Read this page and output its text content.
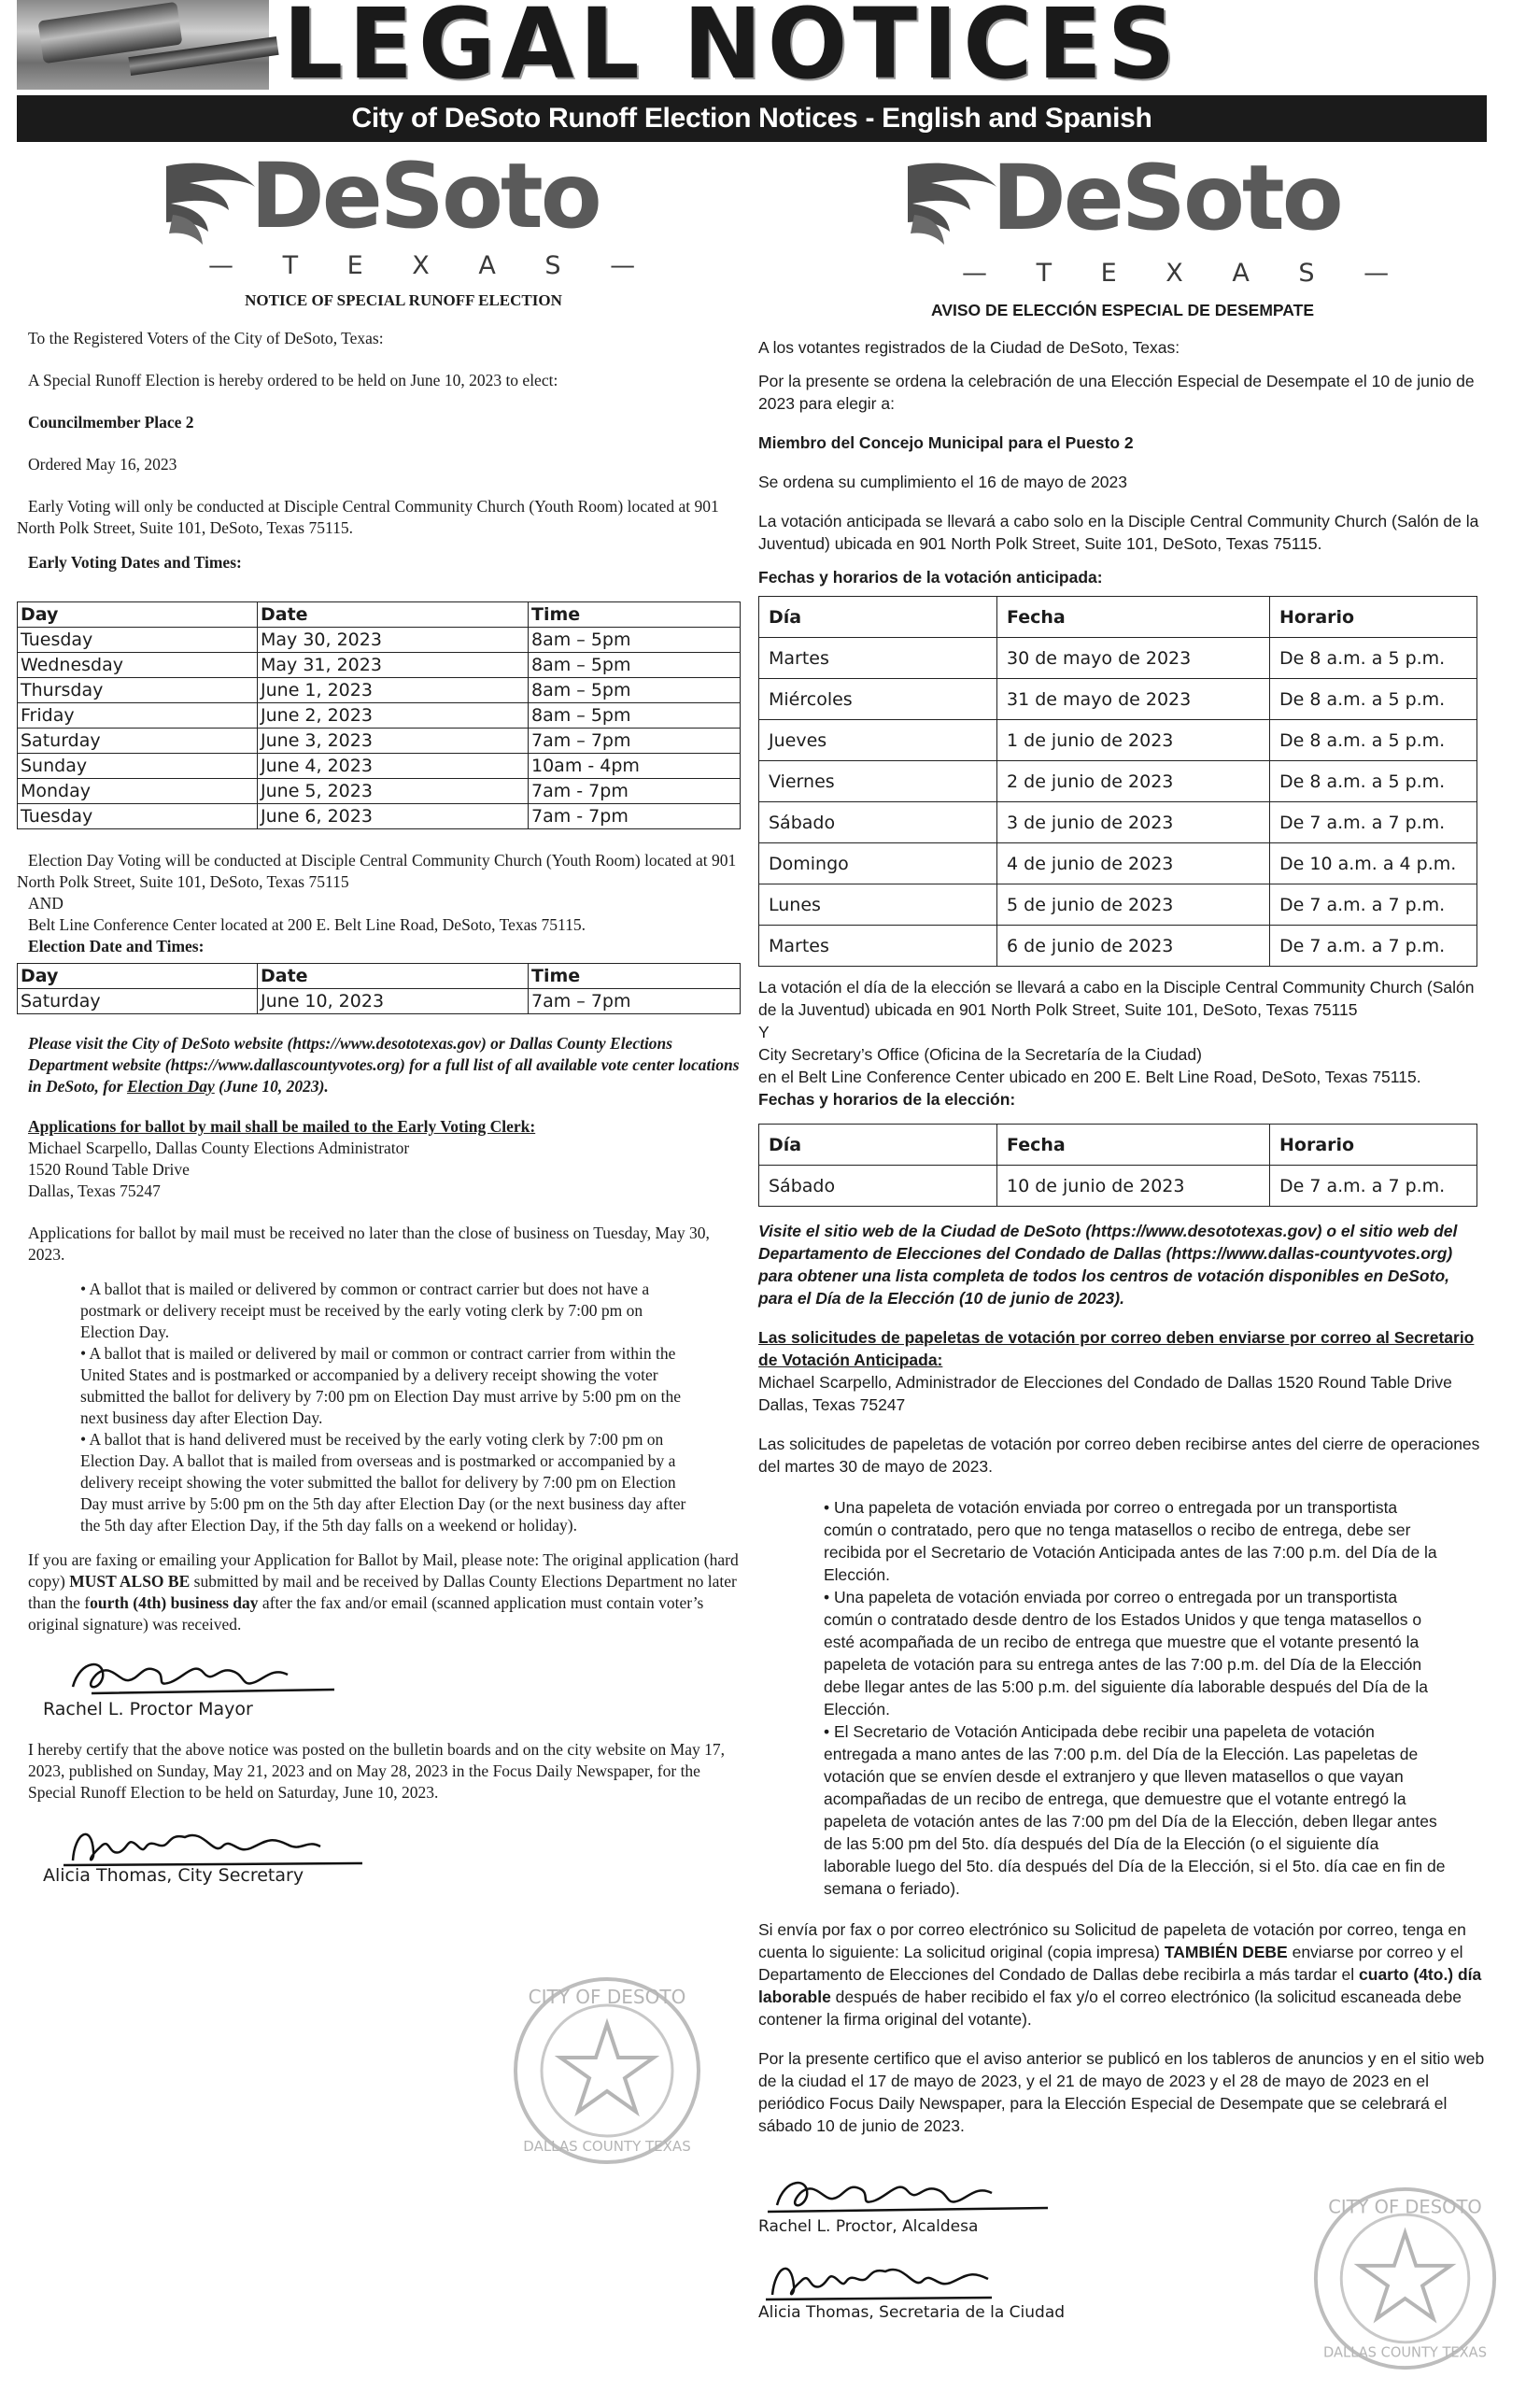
LEGAL NOTICES
City of DeSoto Runoff Election Notices - English and Spanish
DeSoto
— T E X A S —
NOTICE OF SPECIAL RUNOFF ELECTION
To the Registered Voters of the City of DeSoto, Texas:
A Special Runoff Election is hereby ordered to be held on June 10, 2023 to elect:
Councilmember Place 2
Ordered May 16, 2023
Early Voting will only be conducted at Disciple Central Community Church (Youth Room) located at 901 North Polk Street, Suite 101, DeSoto, Texas 75115.
Early Voting Dates and Times:
Day	Date	Time
Tuesday	May 30, 2023	8am – 5pm
Wednesday	May 31, 2023	8am – 5pm
Thursday	June 1, 2023	8am – 5pm
Friday	June 2, 2023	8am – 5pm
Saturday	June 3, 2023	7am – 7pm
Sunday	June 4, 2023	10am - 4pm
Monday	June 5, 2023	7am - 7pm
Tuesday	June 6, 2023	7am - 7pm
Election Day Voting will be conducted at Disciple Central Community Church (Youth Room) located at 901 North Polk Street, Suite 101, DeSoto, Texas 75115
AND
Belt Line Conference Center located at 200 E. Belt Line Road, DeSoto, Texas 75115.
Election Date and Times:
Day	Date	Time
Saturday	June 10, 2023	7am – 7pm
Please visit the City of DeSoto website (https://www.desototexas.gov) or Dallas County Elections Department website (https://www.dallascountyvotes.org) for a full list of all available vote center locations in DeSoto, for Election Day (June 10, 2023).
Applications for ballot by mail shall be mailed to the Early Voting Clerk:
Michael Scarpello, Dallas County Elections Administrator
1520 Round Table Drive
Dallas, Texas 75247
Applications for ballot by mail must be received no later than the close of business on Tuesday, May 30, 2023.
• A ballot that is mailed or delivered by common or contract carrier but does not have a postmark or delivery receipt must be received by the early voting clerk by 7:00 pm on Election Day.
• A ballot that is mailed or delivered by mail or common or contract carrier from within the United States and is postmarked or accompanied by a delivery receipt showing the voter submitted the ballot for delivery by 7:00 pm on Election Day must arrive by 5:00 pm on the next business day after Election Day.
• A ballot that is hand delivered must be received by the early voting clerk by 7:00 pm on Election Day. A ballot that is mailed from overseas and is postmarked or accompanied by a delivery receipt showing the voter submitted the ballot for delivery by 7:00 pm on Election Day must arrive by 5:00 pm on the 5th day after Election Day (or the next business day after the 5th day after Election Day, if the 5th day falls on a weekend or holiday).
If you are faxing or emailing your Application for Ballot by Mail, please note: The original application (hard copy) MUST ALSO BE submitted by mail and be received by Dallas County Elections Department no later than the fourth (4th) business day after the fax and/or email (scanned application must contain voter’s original signature) was received.
Rachel L. Proctor Mayor
I hereby certify that the above notice was posted on the bulletin boards and on the city website on May 17, 2023, published on Sunday, May 21, 2023 and on May 28, 2023 in the Focus Daily Newspaper, for the Special Runoff Election to be held on Saturday, June 10, 2023.
Alicia Thomas, City Secretary
CITY OF DESOTO
DALLAS COUNTY TEXAS
DeSoto
— T E X A S —
AVISO DE ELECCIÓN ESPECIAL DE DESEMPATE
A los votantes registrados de la Ciudad de DeSoto, Texas:
Por la presente se ordena la celebración de una Elección Especial de Desempate el 10 de junio de 2023 para elegir a:
Miembro del Concejo Municipal para el Puesto 2
Se ordena su cumplimiento el 16 de mayo de 2023
La votación anticipada se llevará a cabo solo en la Disciple Central Community Church (Salón de la Juventud) ubicada en 901 North Polk Street, Suite 101, DeSoto, Texas 75115.
Fechas y horarios de la votación anticipada:
Día	Fecha	Horario
Martes	30 de mayo de 2023	De 8 a.m. a 5 p.m.
Miércoles	31 de mayo de 2023	De 8 a.m. a 5 p.m.
Jueves	1 de junio de 2023	De 8 a.m. a 5 p.m.
Viernes	2 de junio de 2023	De 8 a.m. a 5 p.m.
Sábado	3 de junio de 2023	De 7 a.m. a 7 p.m.
Domingo	4 de junio de 2023	De 10 a.m. a 4 p.m.
Lunes	5 de junio de 2023	De 7 a.m. a 7 p.m.
Martes	6 de junio de 2023	De 7 a.m. a 7 p.m.
La votación el día de la elección se llevará a cabo en la Disciple Central Community Church (Salón de la Juventud) ubicada en 901 North Polk Street, Suite 101, DeSoto, Texas 75115
Y
City Secretary’s Office (Oficina de la Secretaría de la Ciudad)
en el Belt Line Conference Center ubicado en 200 E. Belt Line Road, DeSoto, Texas 75115.
Fechas y horarios de la elección:
Día	Fecha	Horario
Sábado	10 de junio de 2023	De 7 a.m. a 7 p.m.
Visite el sitio web de la Ciudad de DeSoto (https://www.desototexas.gov) o el sitio web del Departamento de Elecciones del Condado de Dallas (https://www.dallas-countyvotes.org) para obtener una lista completa de todos los centros de votación disponibles en DeSoto, para el Día de la Elección (10 de junio de 2023).
Las solicitudes de papeletas de votación por correo deben enviarse por correo al Secretario de Votación Anticipada:
Michael Scarpello, Administrador de Elecciones del Condado de Dallas 1520 Round Table Drive
Dallas, Texas 75247
Las solicitudes de papeletas de votación por correo deben recibirse antes del cierre de operaciones del martes 30 de mayo de 2023.
• Una papeleta de votación enviada por correo o entregada por un transportista común o contratado, pero que no tenga matasellos o recibo de entrega, debe ser recibida por el Secretario de Votación Anticipada antes de las 7:00 p.m. del Día de la Elección.
• Una papeleta de votación enviada por correo o entregada por un transportista común o contratado desde dentro de los Estados Unidos y que tenga matasellos o esté acompañada de un recibo de entrega que muestre que el votante presentó la papeleta de votación para su entrega antes de las 7:00 p.m. del Día de la Elección debe llegar antes de las 5:00 p.m. del siguiente día laborable después del Día de la Elección.
• El Secretario de Votación Anticipada debe recibir una papeleta de votación entregada a mano antes de las 7:00 p.m. del Día de la Elección. Las papeletas de votación que se envíen desde el extranjero y que lleven matasellos o que vayan acompañadas de un recibo de entrega, que demuestre que el votante entregó la papeleta de votación antes de las 7:00 pm del Día de la Elección, deben llegar antes de las 5:00 pm del 5to. día después del Día de la Elección (o el siguiente día laborable luego del 5to. día después del Día de la Elección, si el 5to. día cae en fin de semana o feriado).
Si envía por fax o por correo electrónico su Solicitud de papeleta de votación por correo, tenga en cuenta lo siguiente: La solicitud original (copia impresa) TAMBIÉN DEBE enviarse por correo y el Departamento de Elecciones del Condado de Dallas debe recibirla a más tardar el cuarto (4to.) día laborable después de haber recibido el fax y/o el correo electrónico (la solicitud escaneada debe contener la firma original del votante).
Por la presente certifico que el aviso anterior se publicó en los tableros de anuncios y en el sitio web de la ciudad el 17 de mayo de 2023, y el 21 de mayo de 2023 y el 28 de mayo de 2023 en el periódico Focus Daily Newspaper, para la Elección Especial de Desempate que se celebrará el sábado 10 de junio de 2023.
Rachel L. Proctor, Alcaldesa
Alicia Thomas, Secretaria de la Ciudad
CITY OF DESOTO
DALLAS COUNTY TEXAS
